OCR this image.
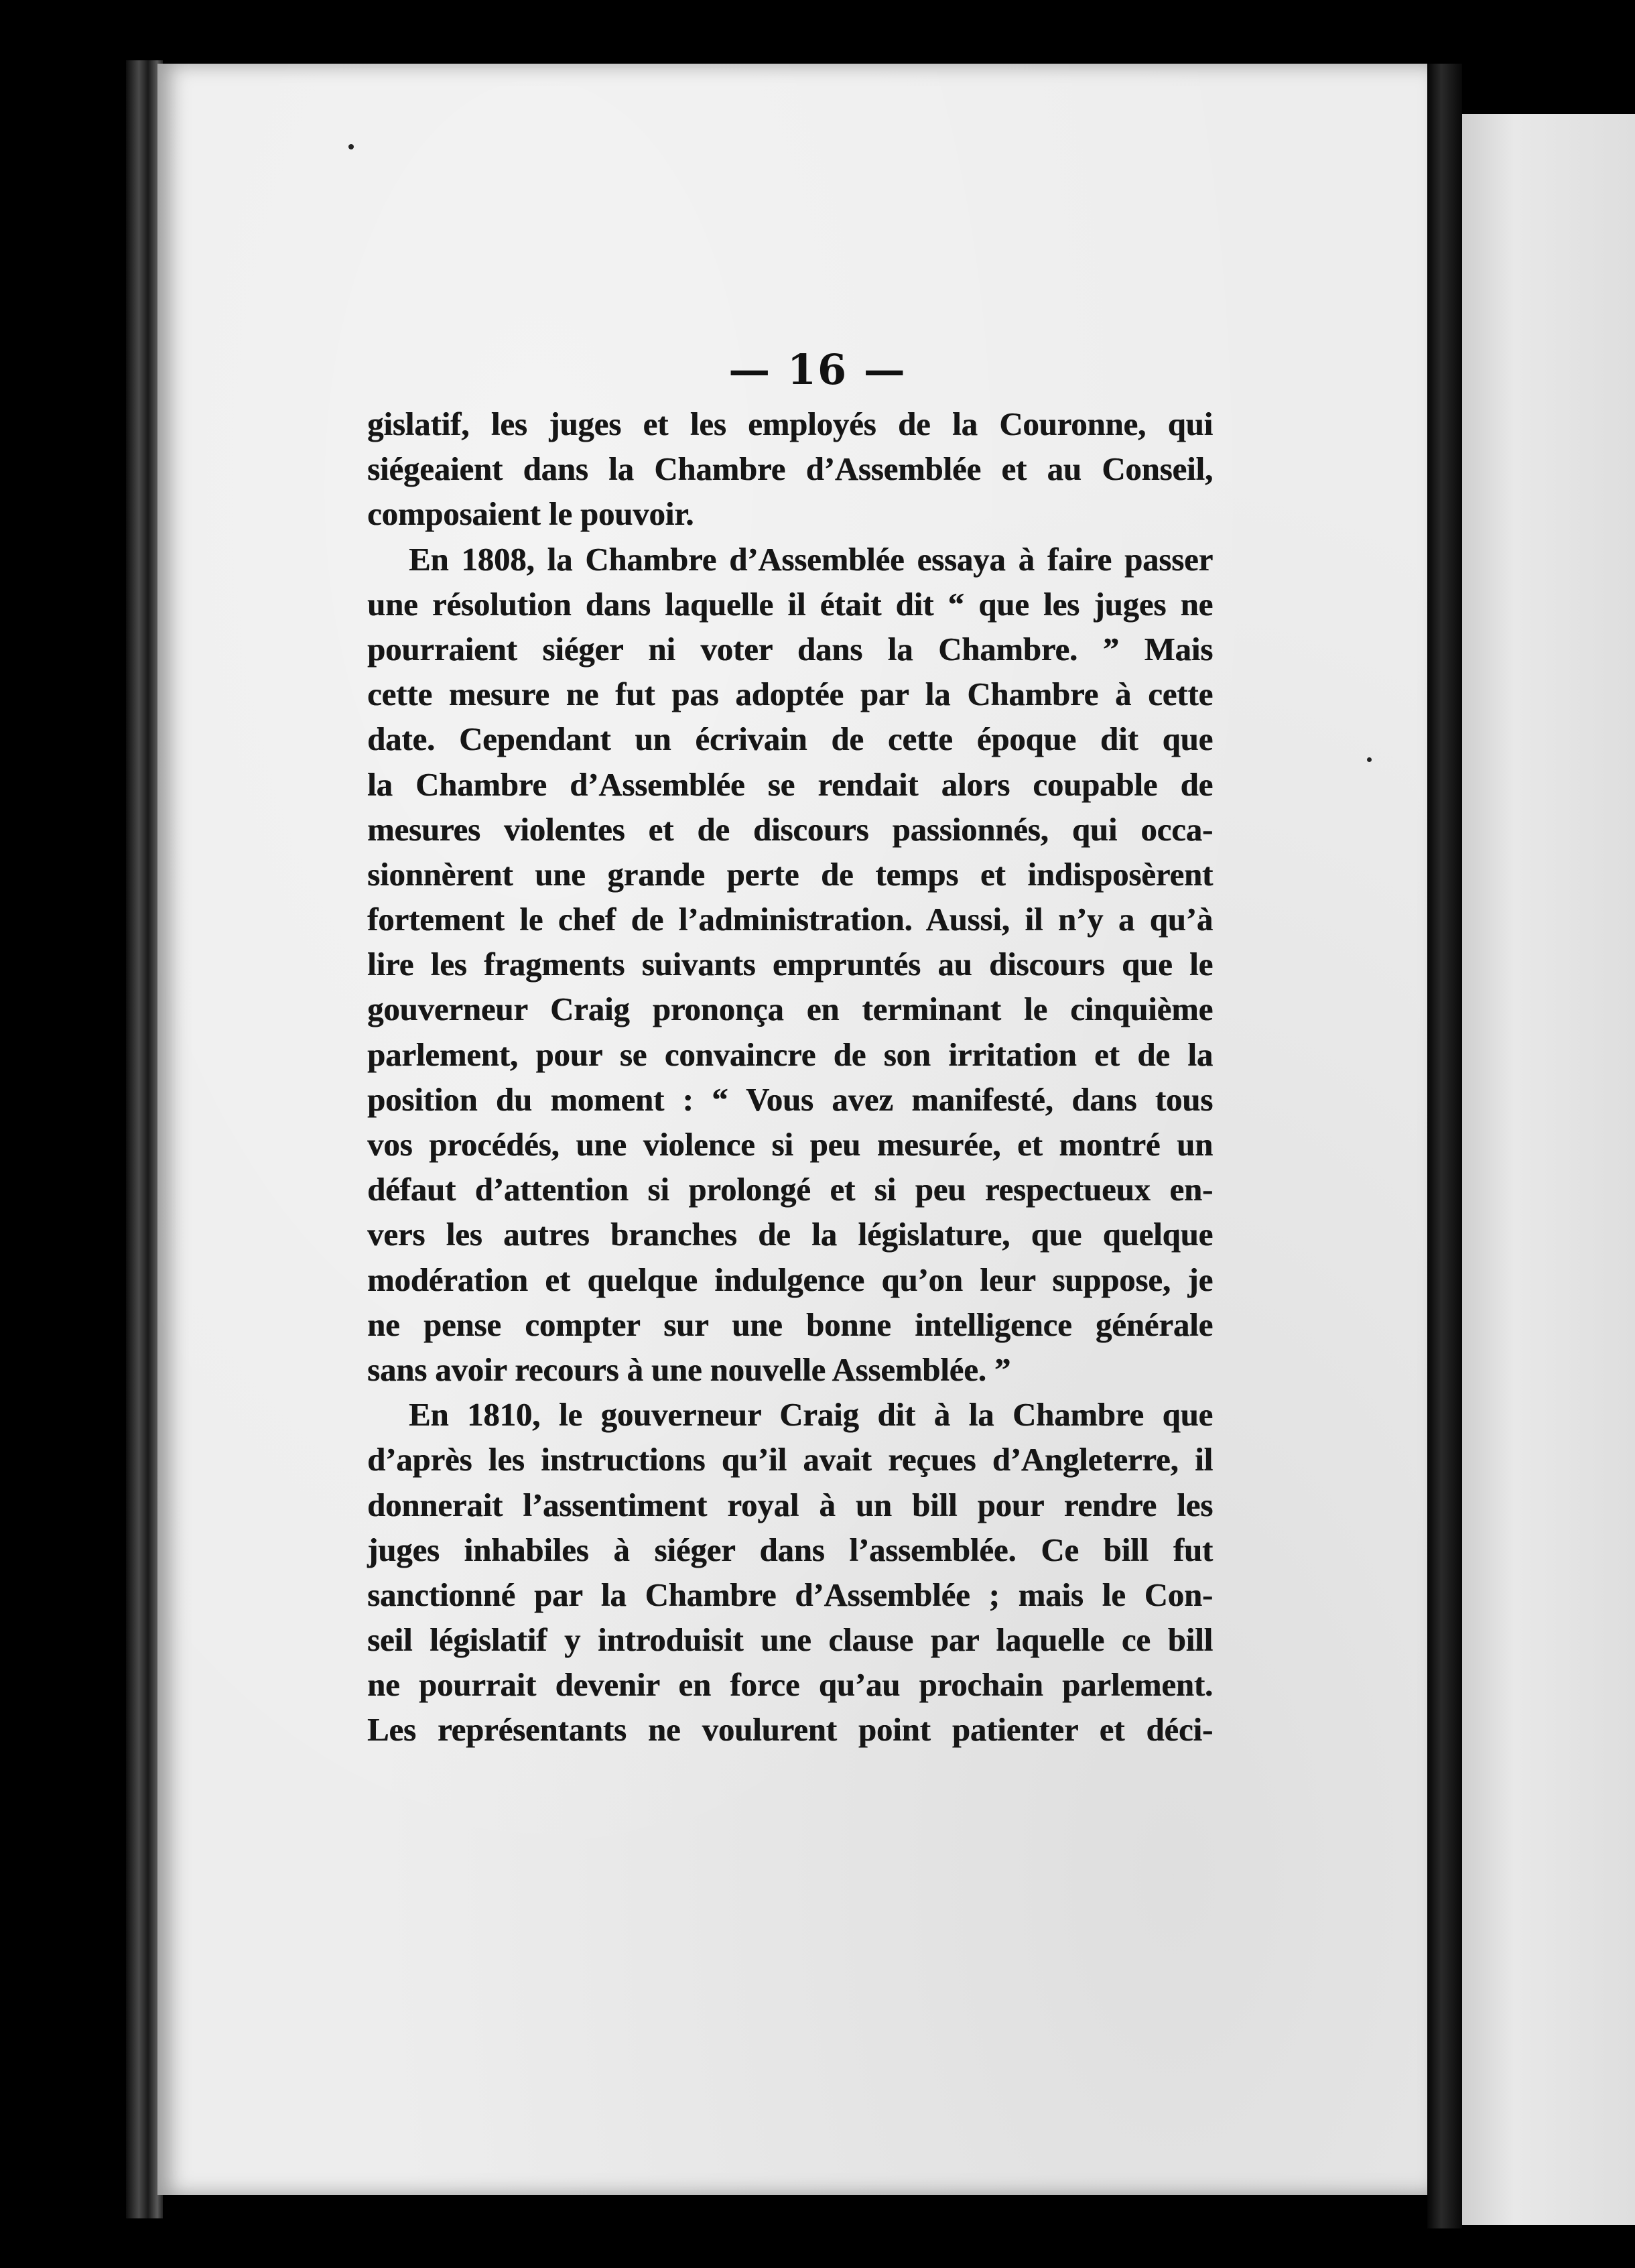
— 16 —
gislatif, les juges et les employés de la Couronne, qui
siégeaient dans la Chambre d’Assemblée et au Conseil,
composaient le pouvoir.
En 1808, la Chambre d’Assemblée essaya à faire passer
une résolution dans laquelle il était dit “ que les juges ne
pourraient siéger ni voter dans la Chambre. ” Mais
cette mesure ne fut pas adoptée par la Chambre à cette
date. Cependant un écrivain de cette époque dit que
la Chambre d’Assemblée se rendait alors coupable de
mesures violentes et de discours passionnés, qui occa-
sionnèrent une grande perte de temps et indisposèrent
fortement le chef de l’administration. Aussi, il n’y a qu’à
lire les fragments suivants empruntés au discours que le
gouverneur Craig prononça en terminant le cinquième
parlement, pour se convaincre de son irritation et de la
position du moment : “ Vous avez manifesté, dans tous
vos procédés, une violence si peu mesurée, et montré un
défaut d’attention si prolongé et si peu respectueux en-
vers les autres branches de la législature, que quelque
modération et quelque indulgence qu’on leur suppose, je
ne pense compter sur une bonne intelligence générale
sans avoir recours à une nouvelle Assemblée. ”
En 1810, le gouverneur Craig dit à la Chambre que
d’après les instructions qu’il avait reçues d’Angleterre, il
donnerait l’assentiment royal à un bill pour rendre les
juges inhabiles à siéger dans l’assemblée. Ce bill fut
sanctionné par la Chambre d’Assemblée ; mais le Con-
seil législatif y introduisit une clause par laquelle ce bill
ne pourrait devenir en force qu’au prochain parlement.
Les représentants ne voulurent point patienter et déci-
